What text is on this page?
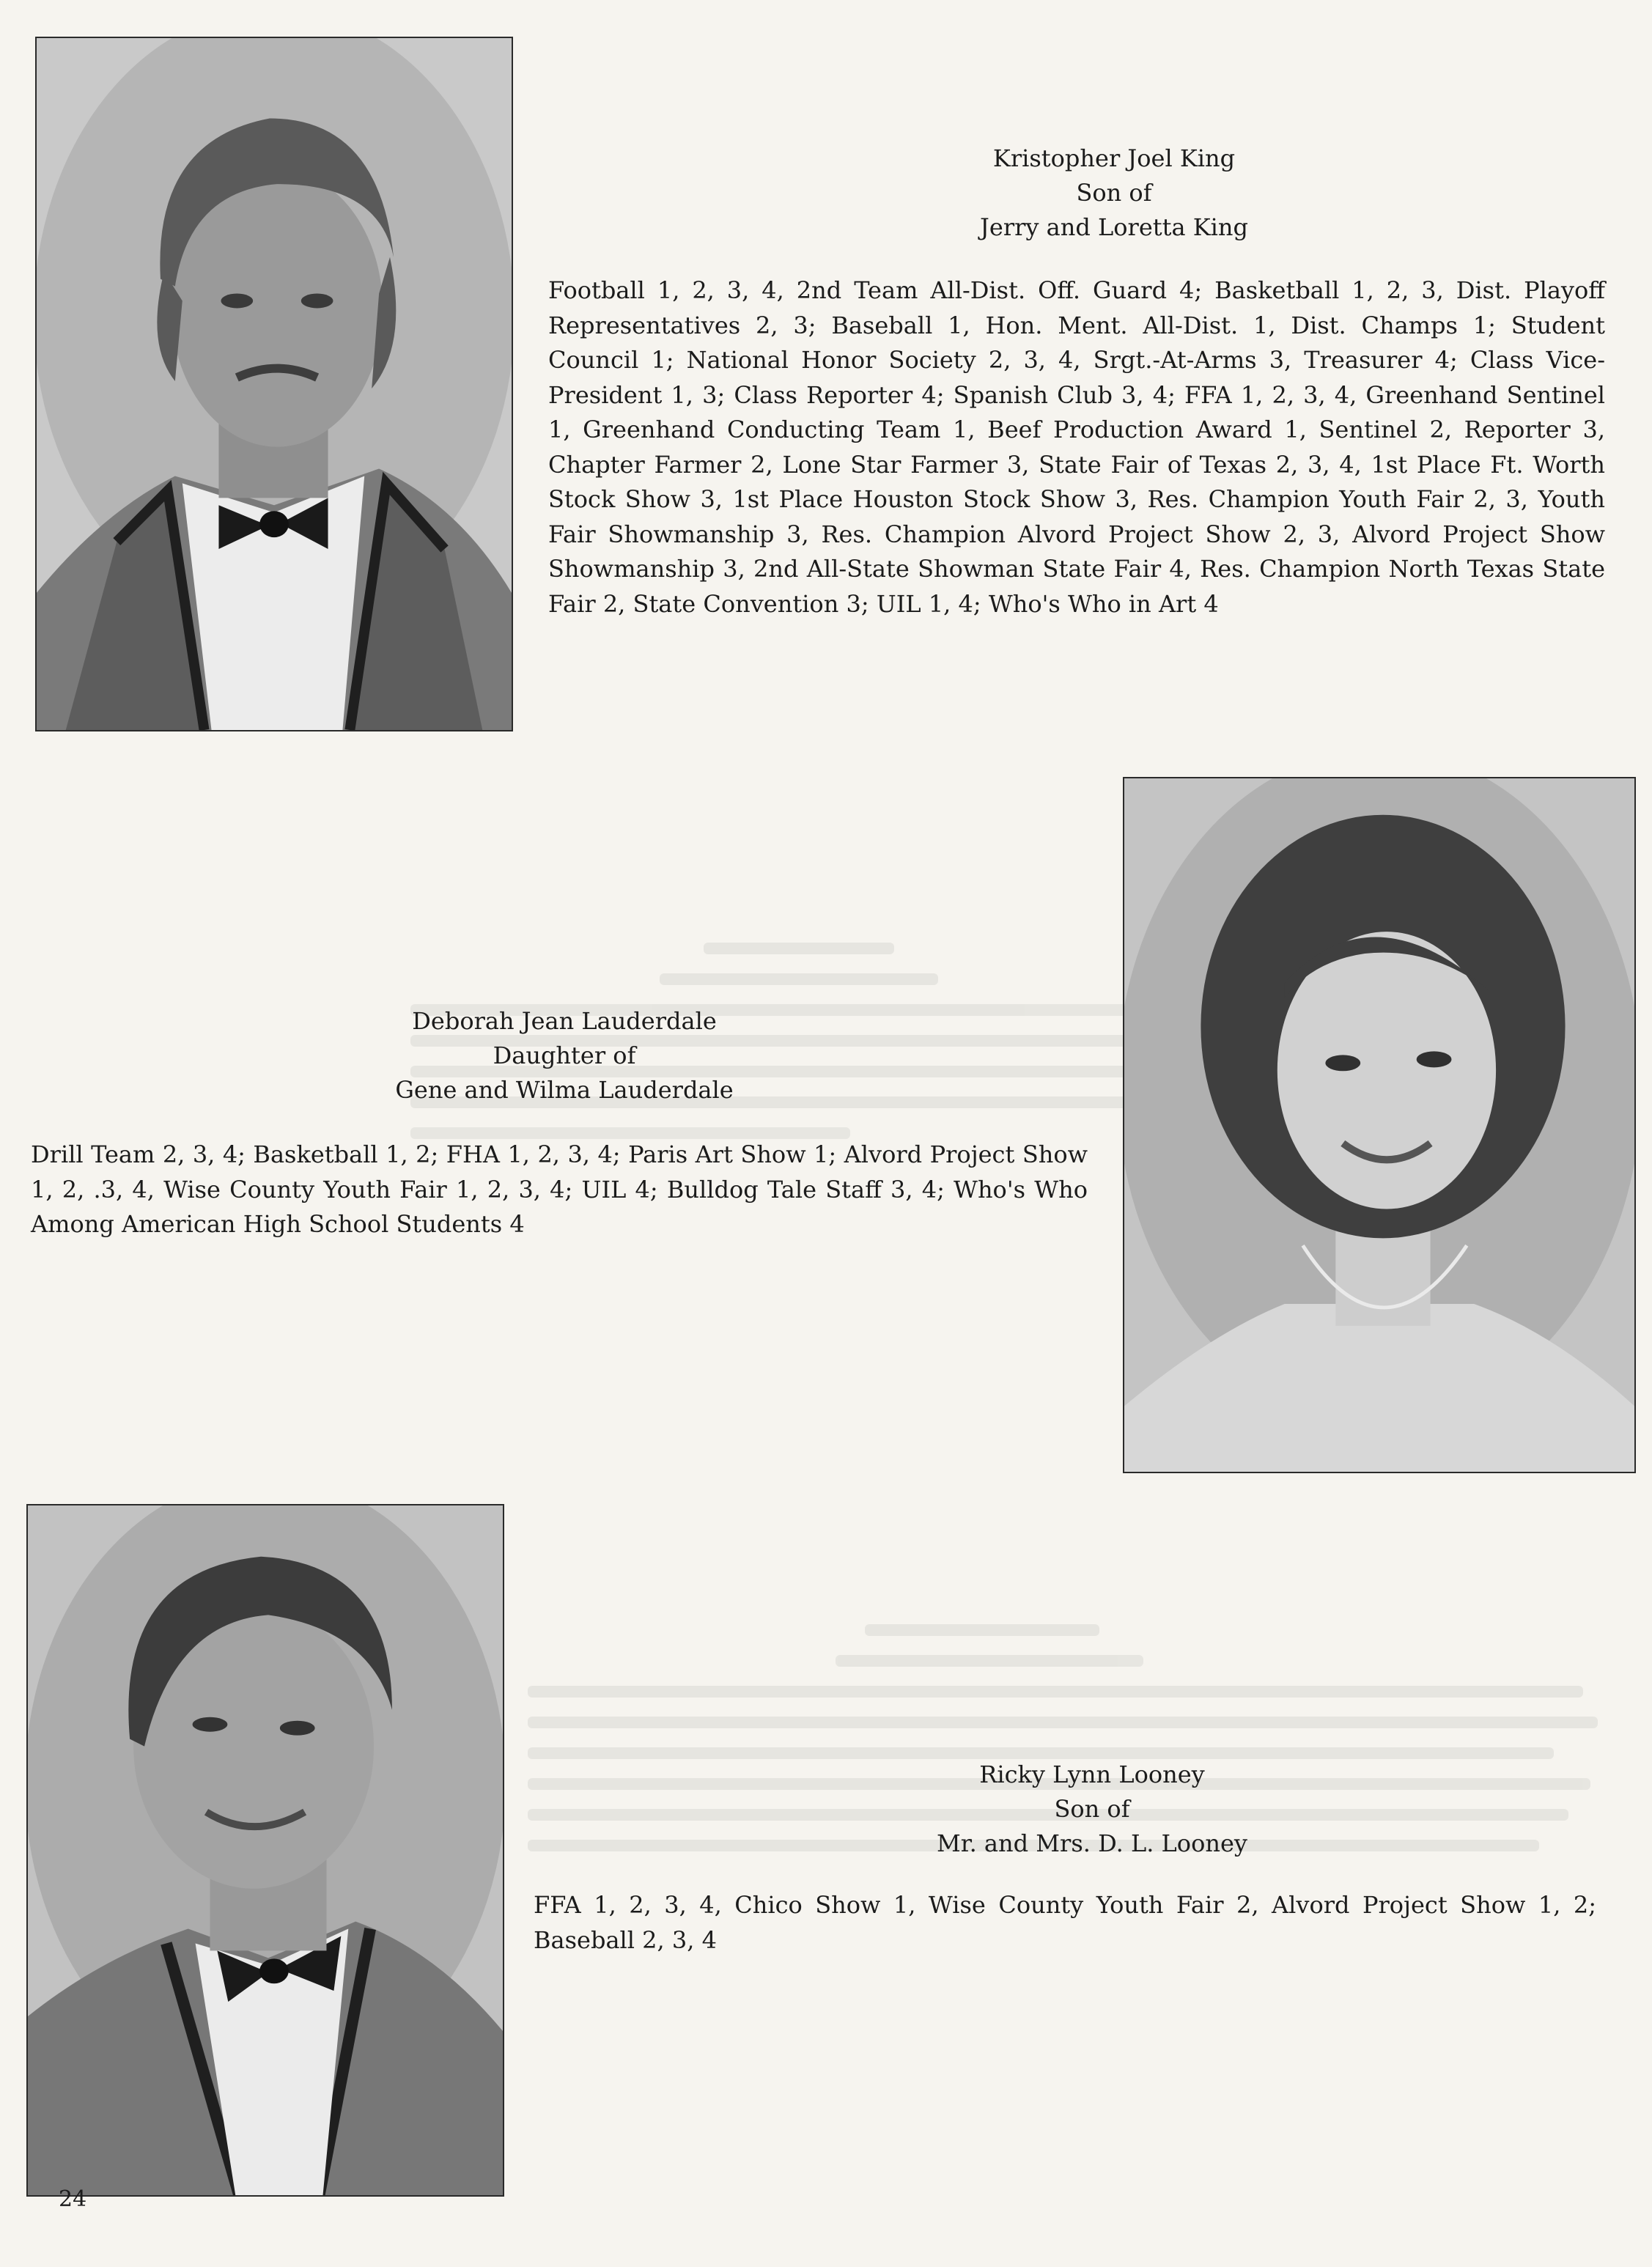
Kristopher Joel King
Son of
Jerry and Loretta King

Football 1, 2, 3, 4, 2nd Team All-Dist. Off. Guard 4; Basketball 1, 2, 3, Dist. Playoff Representatives 2, 3; Baseball 1, Hon. Ment. All-Dist. 1, Dist. Champs 1; Student Council 1; National Honor Society 2, 3, 4, Srgt.-At-Arms 3, Treasurer 4; Class Vice-President 1, 3; Class Reporter 4; Spanish Club 3, 4; FFA 1, 2, 3, 4, Greenhand Sentinel 1, Greenhand Conducting Team 1, Beef Production Award 1, Sentinel 2, Reporter 3, Chapter Farmer 2, Lone Star Farmer 3, State Fair of Texas 2, 3, 4, 1st Place Ft. Worth Stock Show 3, 1st Place Houston Stock Show 3, Res. Champion Youth Fair 2, 3, Youth Fair Showmanship 3, Res. Champion Alvord Project Show 2, 3, Alvord Project Show Showmanship 3, 2nd All-State Showman State Fair 4, Res. Champion North Texas State Fair 2, State Convention 3; UIL 1, 4; Who's Who in Art 4

Deborah Jean Lauderdale
Daughter of
Gene and Wilma Lauderdale

Drill Team 2, 3, 4; Basketball 1, 2; FHA 1, 2, 3, 4; Paris Art Show 1; Alvord Project Show 1, 2, .3, 4, Wise County Youth Fair 1, 2, 3, 4; UIL 4; Bulldog Tale Staff 3, 4; Who's Who Among American High School Students 4

Ricky Lynn Looney
Son of
Mr. and Mrs. D. L. Looney

FFA 1, 2, 3, 4, Chico Show 1, Wise County Youth Fair 2, Alvord Project Show 1, 2; Baseball 2, 3, 4

24
